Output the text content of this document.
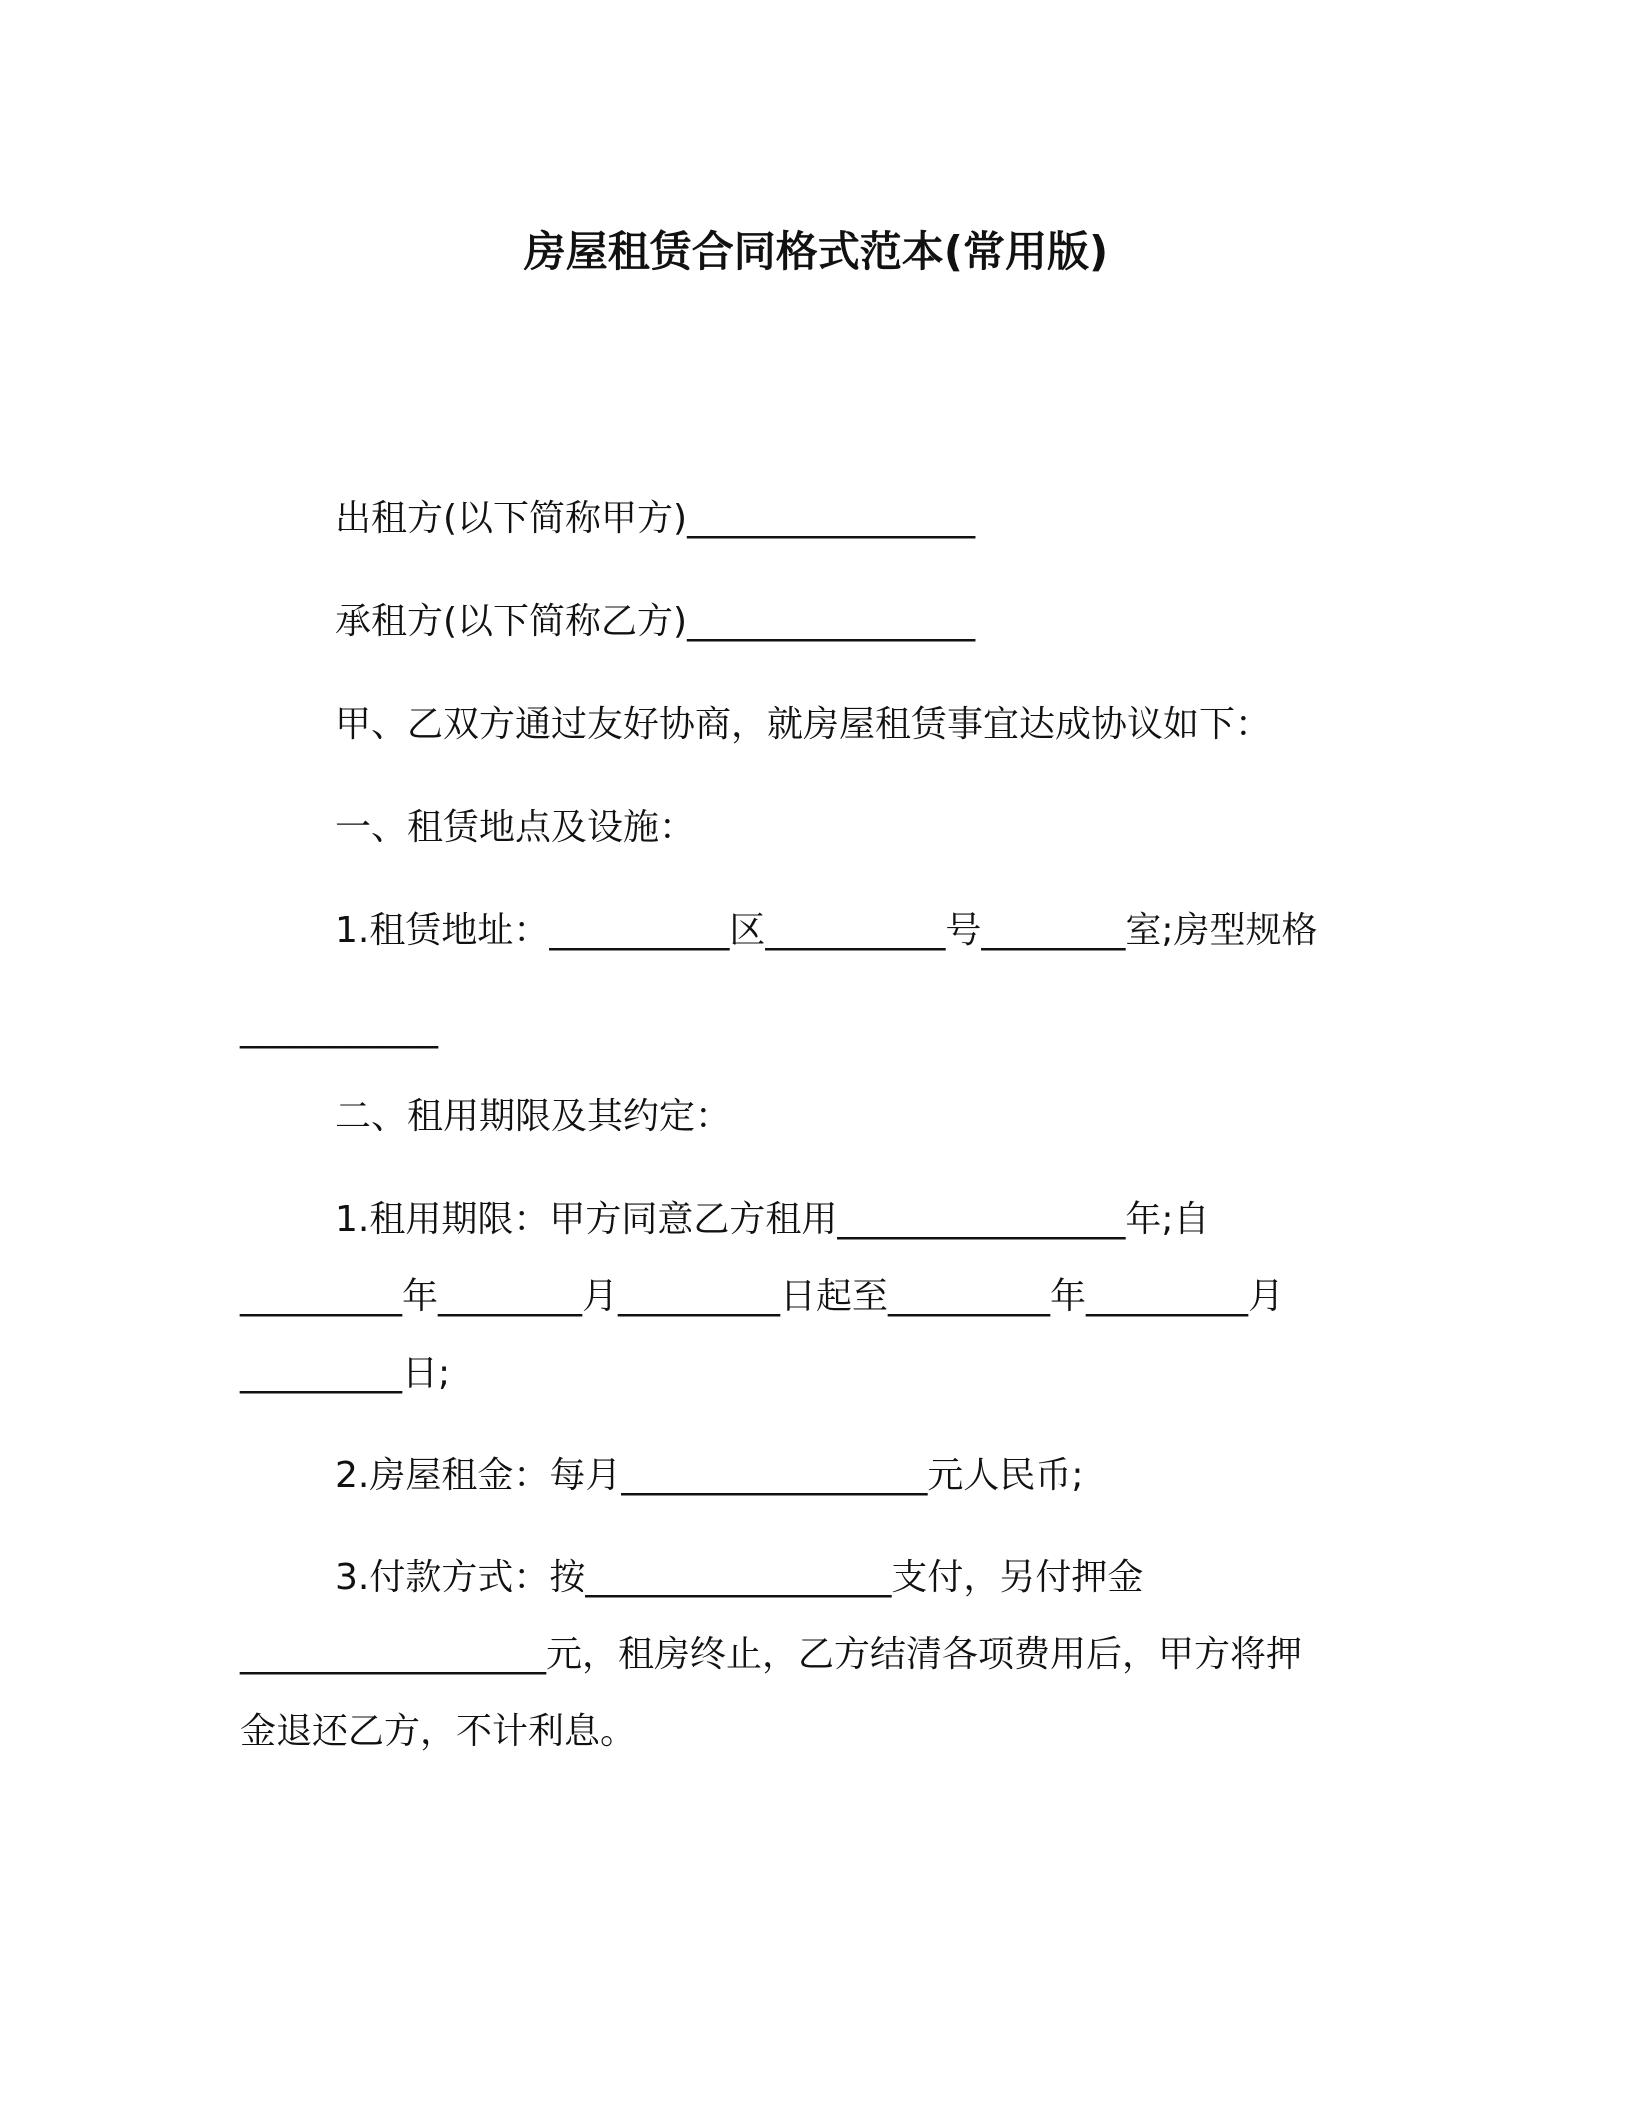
房屋租赁合同格式范本(常用版)
出租方(以下简称甲方)________________
承租方(以下简称乙方)________________
甲、乙双方通过友好协商，就房屋租赁事宜达成协议如下：
一、租赁地点及设施：
1.租赁地址：__________区__________号________室;房型规格
___________
二、租用期限及其约定：
1.租用期限：甲方同意乙方租用________________年;自
_________年________月_________日起至_________年_________月
_________日;
2.房屋租金：每月_________________元人民币;
3.付款方式：按_________________支付，另付押金
_________________元，租房终止，乙方结清各项费用后，甲方将押
金退还乙方，不计利息。
